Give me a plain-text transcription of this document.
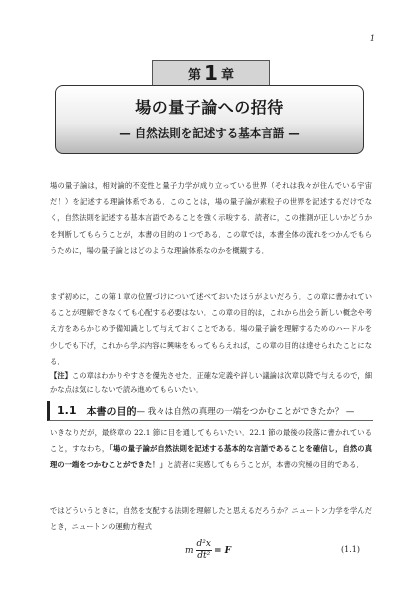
1
第 1 章
場の量子論への招待
— 自然法則を記述する基本言語 —

場の量子論は，相対論的不変性と量子力学が成り立っている世界（それは我々が住んでいる宇宙だ！）を記述する理論体系である．このことは，場の量子論が素粒子の世界を記述するだけでなく，自然法則を記述する基本言語であることを強く示唆する．読者に，この推測が正しいかどうかを判断してもらうことが，本書の目的の１つである．この章では，本書全体の流れをつかんでもらうために，場の量子論とはどのような理論体系なのかを概観する．

まず初めに，この第１章の位置づけについて述べておいたほうがよいだろう．この章に書かれていることが理解できなくても心配する必要はない．この章の目的は，これから出会う新しい概念や考え方をあらかじめ予備知識として与えておくことである．場の量子論を理解するためのハードルを少しでも下げ，これから学ぶ内容に興味をもってもらえれば，この章の目的は達せられたことになる．

【注】この章はわかりやすさを優先させた．正確な定義や詳しい議論は次章以降で与えるので，細かな点は気にしないで読み進めてもらいたい．

1.1 本書の目的 — 我々は自然の真理の一端をつかむことができたか？ —

いきなりだが，最終章の 22.1 節に目を通してもらいたい．22.1 節の最後の段落に書かれていること，すなわち，「場の量子論が自然法則を記述する基本的な言語であることを確信し，自然の真理の一端をつかむことができた！」と読者に実感してもらうことが，本書の究極の目的である．

ではどういうときに，自然を支配する法則を理解したと思えるだろうか？ニュートン力学を学んだとき，ニュートンの運動方程式

m $\frac{\text{d²x}}{\text{dt²}} = F$	(1.1)
